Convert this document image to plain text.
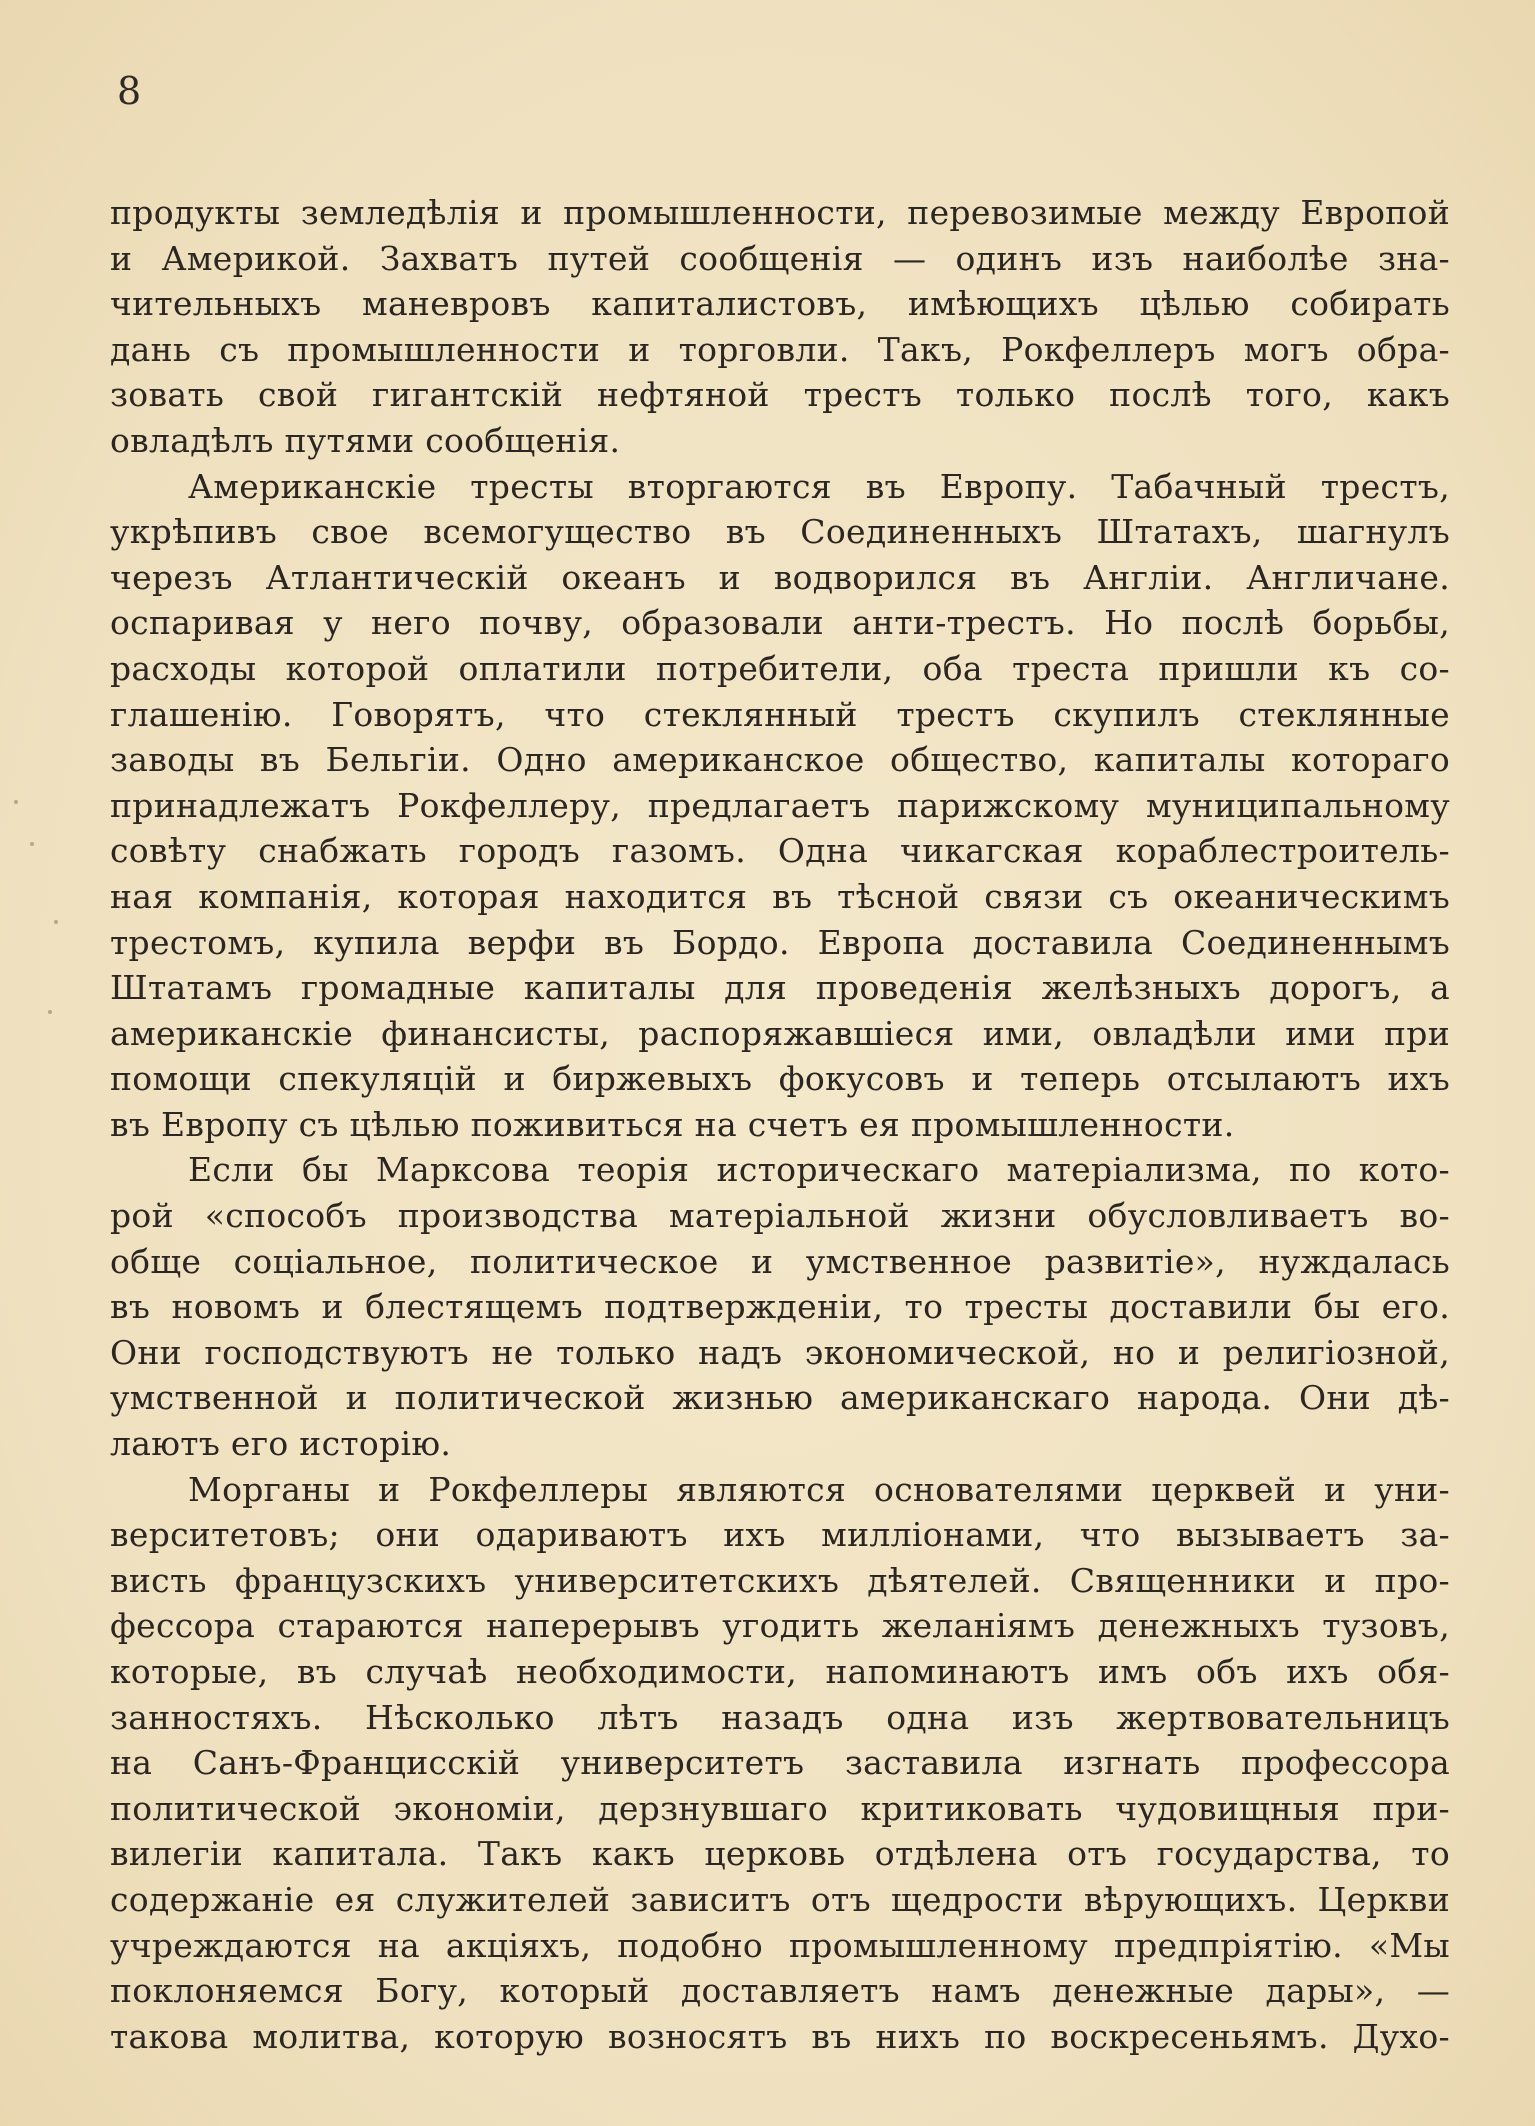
8
продукты земледѣлія и промышленности, перевозимые между Европой
и Америкой. Захватъ путей сообщенія — одинъ изъ наиболѣе зна-
чительныхъ маневровъ капиталистовъ, имѣющихъ цѣлью собирать
дань съ промышленности и торговли. Такъ, Рокфеллеръ могъ обра-
зовать свой гигантскій нефтяной трестъ только послѣ того, какъ
овладѣлъ путями сообщенія.
Американскіе тресты вторгаются въ Европу. Табачный трестъ,
укрѣпивъ свое всемогущество въ Соединенныхъ Штатахъ, шагнулъ
черезъ Атлантическій океанъ и водворился въ Англіи. Англичане.
оспаривая у него почву, образовали анти-трестъ. Но послѣ борьбы,
расходы которой оплатили потребители, оба треста пришли къ со-
глашенію. Говорятъ, что стеклянный трестъ скупилъ стеклянные
заводы въ Бельгіи. Одно американское общество, капиталы котораго
принадлежатъ Рокфеллеру, предлагаетъ парижскому муниципальному
совѣту снабжать городъ газомъ. Одна чикагская кораблестроитель-
ная компанія, которая находится въ тѣсной связи съ океаническимъ
трестомъ, купила верфи въ Бордо. Европа доставила Соединеннымъ
Штатамъ громадные капиталы для проведенія желѣзныхъ дорогъ, а
американскіе финансисты, распоряжавшіеся ими, овладѣли ими при
помощи спекуляцій и биржевыхъ фокусовъ и теперь отсылаютъ ихъ
въ Европу съ цѣлью поживиться на счетъ ея промышленности.
Если бы Марксова теорія историческаго матеріализма, по кото-
рой «способъ производства матеріальной жизни обусловливаетъ во-
обще соціальное, политическое и умственное развитіе», нуждалась
въ новомъ и блестящемъ подтвержденіи, то тресты доставили бы его.
Они господствуютъ не только надъ экономической, но и религіозной,
умственной и политической жизнью американскаго народа. Они дѣ-
лаютъ его исторію.
Морганы и Рокфеллеры являются основателями церквей и уни-
верситетовъ; они одариваютъ ихъ милліонами, что вызываетъ за-
висть французскихъ университетскихъ дѣятелей. Священники и про-
фессора стараются наперерывъ угодить желаніямъ денежныхъ тузовъ,
которые, въ случаѣ необходимости, напоминаютъ имъ объ ихъ обя-
занностяхъ. Нѣсколько лѣтъ назадъ одна изъ жертвовательницъ
на Санъ-Францисскій университетъ заставила изгнать профессора
политической экономіи, дерзнувшаго критиковать чудовищныя при-
вилегіи капитала. Такъ какъ церковь отдѣлена отъ государства, то
содержаніе ея служителей зависитъ отъ щедрости вѣрующихъ. Церкви
учреждаются на акціяхъ, подобно промышленному предпріятію. «Мы
поклоняемся Богу, который доставляетъ намъ денежные дары», —
такова молитва, которую возносятъ въ нихъ по воскресеньямъ. Духо-
